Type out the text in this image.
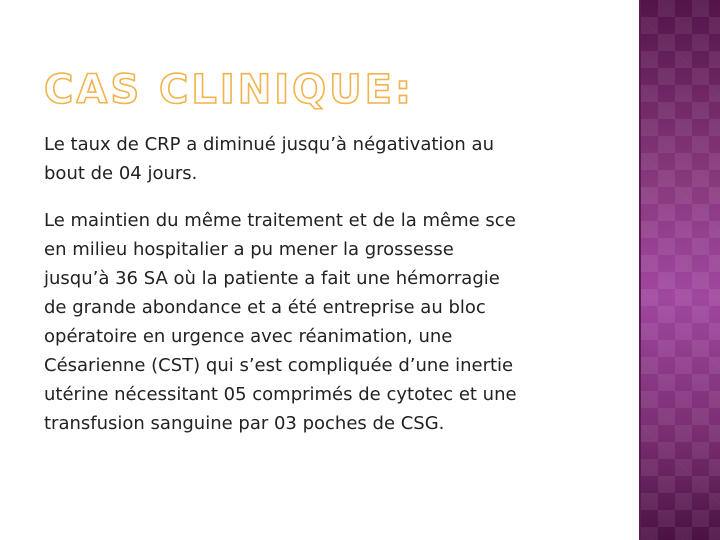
CAS CLINIQUE:

Le taux de CRP a diminué jusqu’à négativation au
bout de 04 jours.

Le maintien du même traitement et de la même sce
en milieu hospitalier a pu mener la grossesse
jusqu’à 36 SA où la patiente a fait une hémorragie
de grande abondance et a été entreprise au bloc
opératoire en urgence avec réanimation, une
Césarienne (CST) qui s’est compliquée d’une inertie
utérine nécessitant 05 comprimés de cytotec et une
transfusion sanguine par 03 poches de CSG.
